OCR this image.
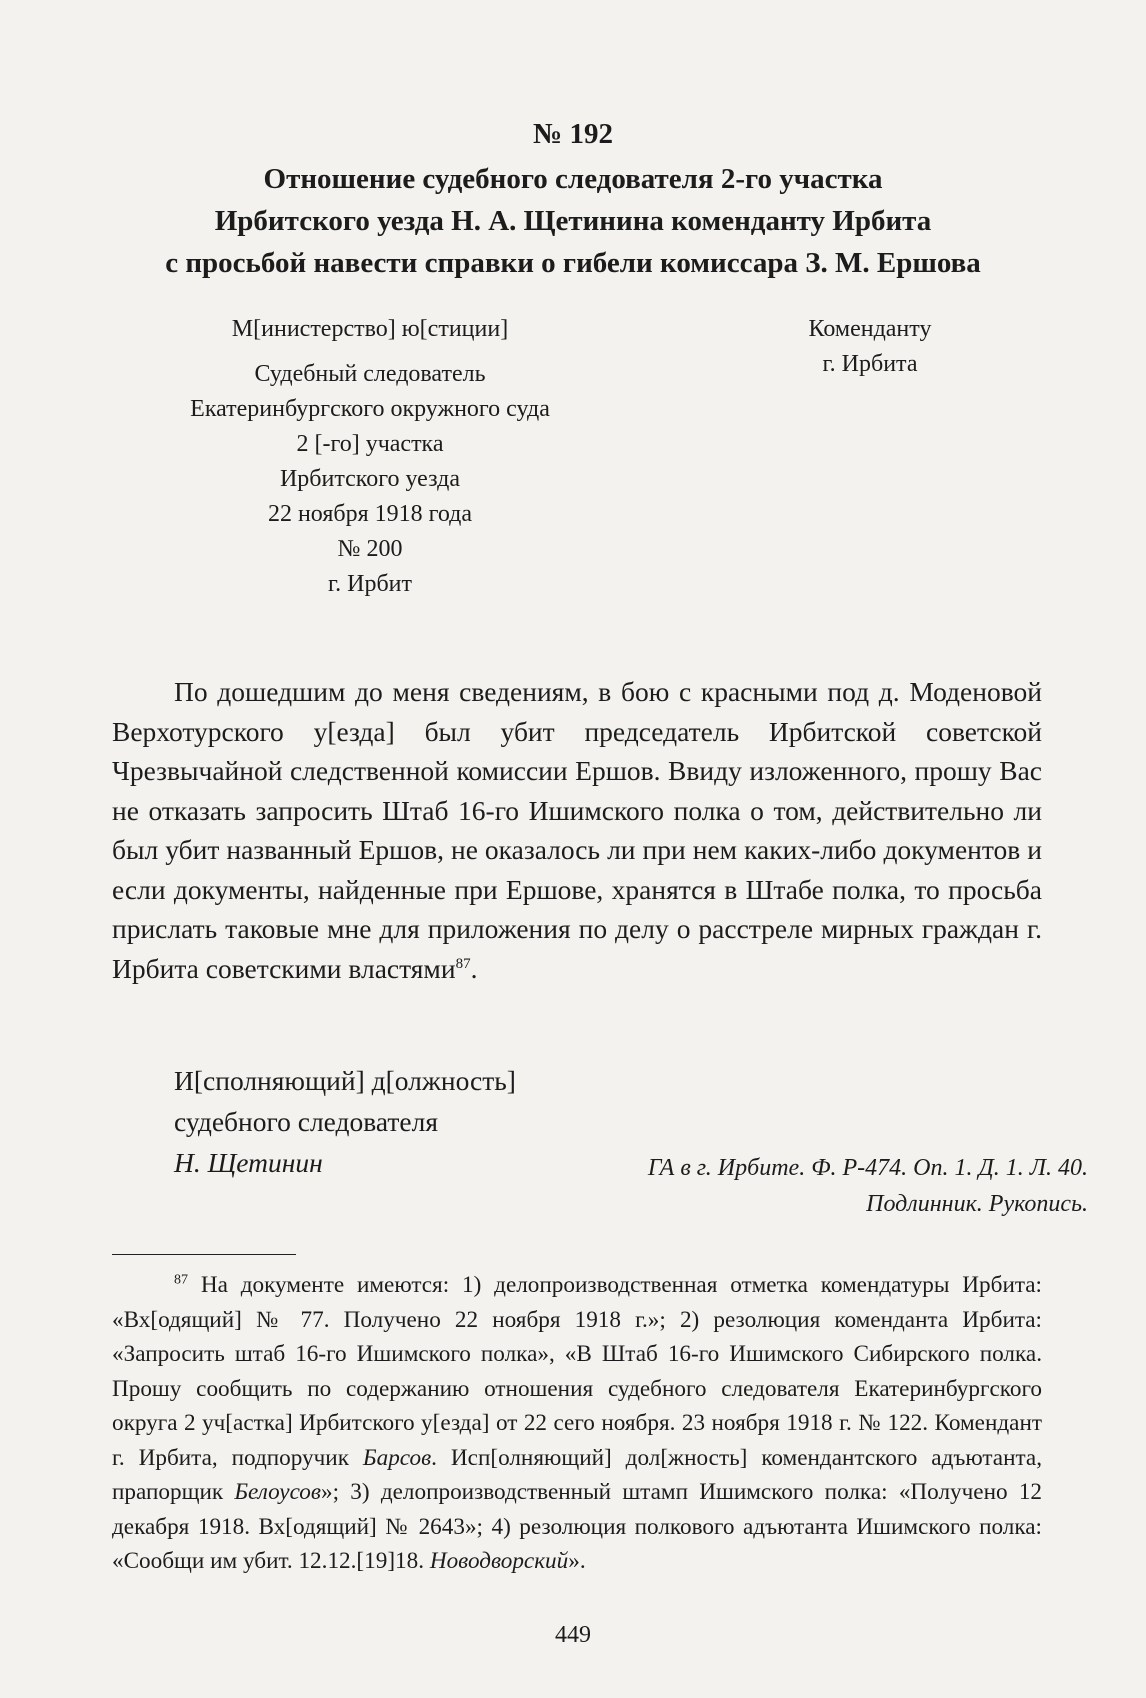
№ 192
Отношение судебного следователя 2-го участка
Ирбитского уезда Н. А. Щетинина коменданту Ирбита
с просьбой навести справки о гибели комиссара З. М. Ершова
М[инистерство] ю[стиции]
Судебный следователь
Екатеринбургского окружного суда
2 [-го] участка
Ирбитского уезда
22 ноября 1918 года
№ 200
г. Ирбит
Коменданту
г. Ирбита

По дошедшим до меня сведениям, в бою с красными под д. Моденовой Верхотурского у[езда] был убит председатель Ирбитской советской Чрезвычайной следственной комиссии Ершов. Ввиду изложенного, прошу Вас не отказать запросить Штаб 16-го Ишимского полка о том, действительно ли был убит названный Ершов, не оказалось ли при нем каких-либо документов и если документы, найденные при Ершове, хранятся в Штабе полка, то просьба прислать таковые мне для приложения по делу о расстреле мирных граждан г. Ирбита советскими властями$^{87}$.

И[сполняющий] д[олжность]
судебного следователя
Н. Щетинин	ГА в г. Ирбите. Ф. Р-474. Оп. 1. Д. 1. Л. 40.
Подлинник. Рукопись.

$^{87}$ На документе имеются: 1) делопроизводственная отметка комендатуры Ирбита: «Вх[одящий] № 77. Получено 22 ноября 1918 г.»; 2) резолюция коменданта Ирбита: «Запросить штаб 16-го Ишимского полка», «В Штаб 16-го Ишимского Сибирского полка. Прошу сообщить по содержанию отношения судебного следователя Екатеринбургского округа 2 уч[астка] Ирбитского у[езда] от 22 сего ноября. 23 ноября 1918 г. № 122. Комендант г. Ирбита, подпоручик Барсов. Исп[олняющий] дол[жность] комендантского адъютанта, прапорщик Белоусов»; 3) делопроизводственный штамп Ишимского полка: «Получено 12 декабря 1918. Вх[одящий] № 2643»; 4) резолюция полкового адъютанта Ишимского полка: «Сообщи им убит. 12.12.[19]18. Новодворский».

449
